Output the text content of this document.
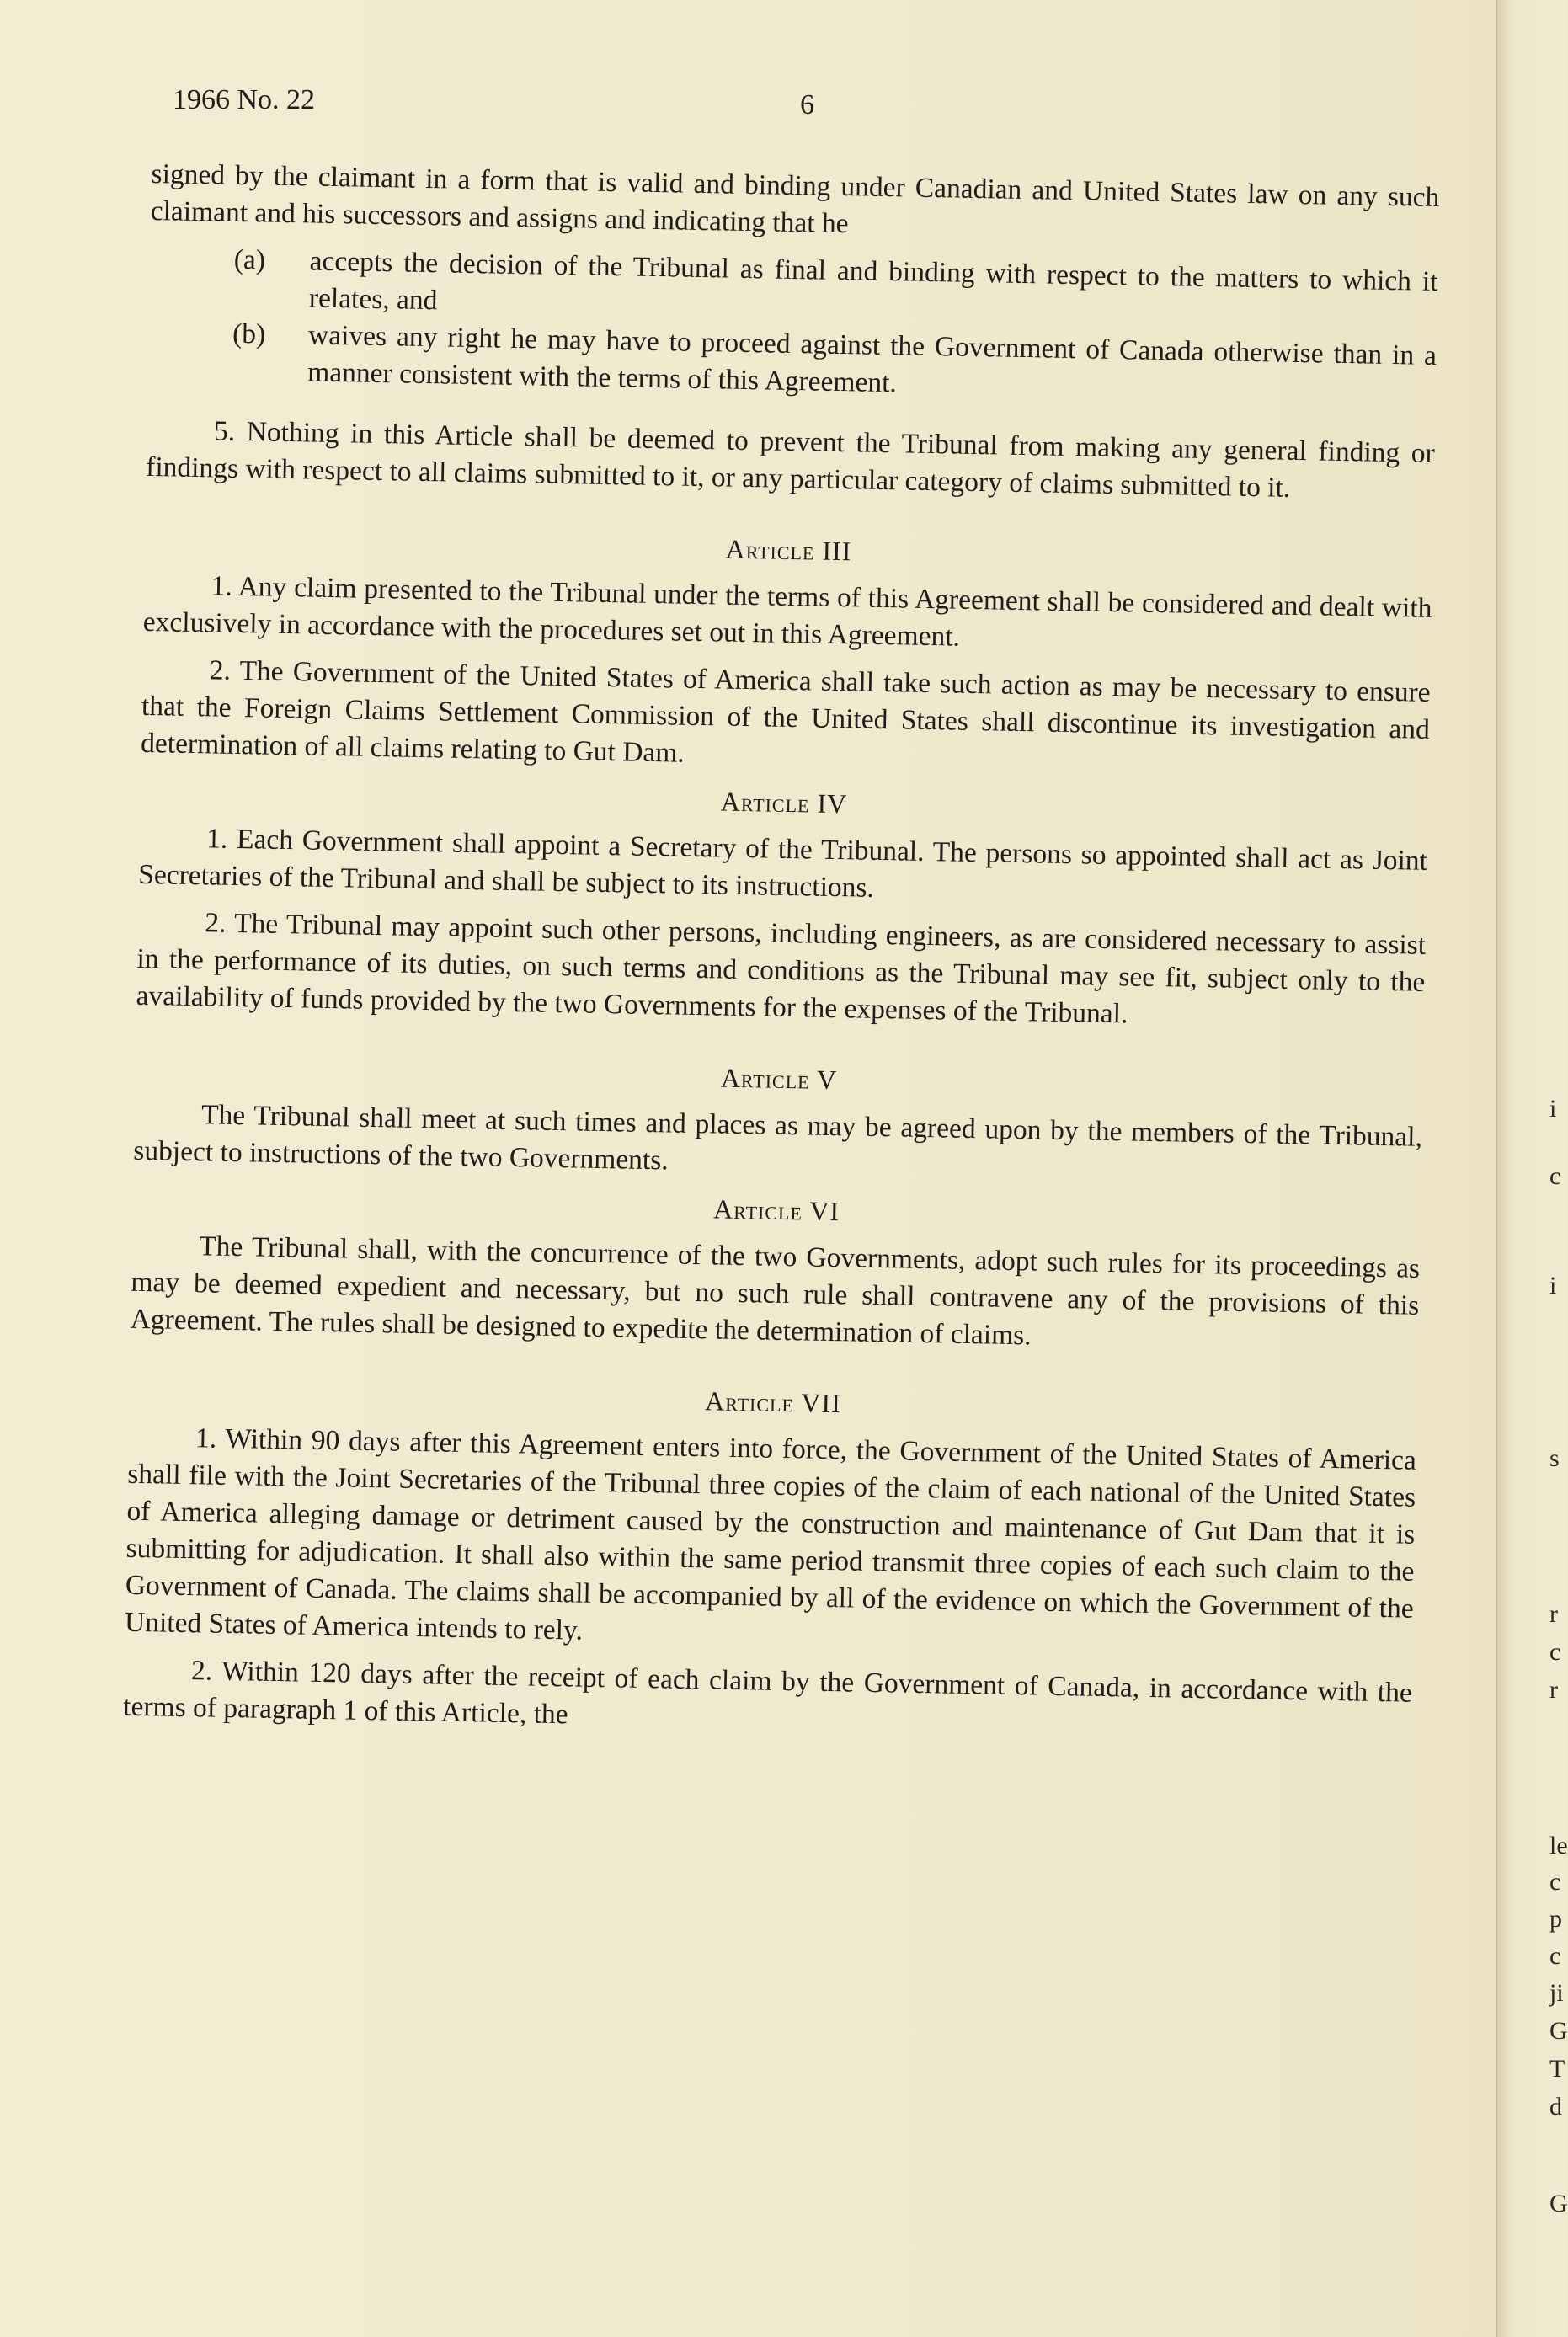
1966 No. 22	6

signed by the claimant in a form that is valid and binding under Canadian and United States law on any such claimant and his successors and assigns and indicating that he

(a) accepts the decision of the Tribunal as final and binding with respect to the matters to which it relates, and

(b) waives any right he may have to proceed against the Government of Canada otherwise than in a manner consistent with the terms of this Agreement.

5. Nothing in this Article shall be deemed to prevent the Tribunal from making any general finding or findings with respect to all claims submitted to it, or any particular category of claims submitted to it.

Article III

1. Any claim presented to the Tribunal under the terms of this Agreement shall be considered and dealt with exclusively in accordance with the procedures set out in this Agreement.

2. The Government of the United States of America shall take such action as may be necessary to ensure that the Foreign Claims Settlement Commission of the United States shall discontinue its investigation and determination of all claims relating to Gut Dam.

Article IV

1. Each Government shall appoint a Secretary of the Tribunal. The persons so appointed shall act as Joint Secretaries of the Tribunal and shall be subject to its instructions.

2. The Tribunal may appoint such other persons, including engineers, as are considered necessary to assist in the performance of its duties, on such terms and conditions as the Tribunal may see fit, subject only to the availability of funds provided by the two Governments for the expenses of the Tribunal.

Article V

The Tribunal shall meet at such times and places as may be agreed upon by the members of the Tribunal, subject to instructions of the two Governments.

Article VI

The Tribunal shall, with the concurrence of the two Governments, adopt such rules for its proceedings as may be deemed expedient and necessary, but no such rule shall contravene any of the provisions of this Agreement. The rules shall be designed to expedite the determination of claims.

Article VII

1. Within 90 days after this Agreement enters into force, the Government of the United States of America shall file with the Joint Secretaries of the Tribunal three copies of the claim of each national of the United States of America alleging damage or detriment caused by the construction and maintenance of Gut Dam that it is submitting for adjudication. It shall also within the same period transmit three copies of each such claim to the Government of Canada. The claims shall be accompanied by all of the evidence on which the Government of the United States of America intends to rely.

2. Within 120 days after the receipt of each claim by the Government of Canada, in accordance with the terms of paragraph 1 of this Article, the

i
c
i
s
r
c
r
le
c
p
c
ji
G
T
d
G
